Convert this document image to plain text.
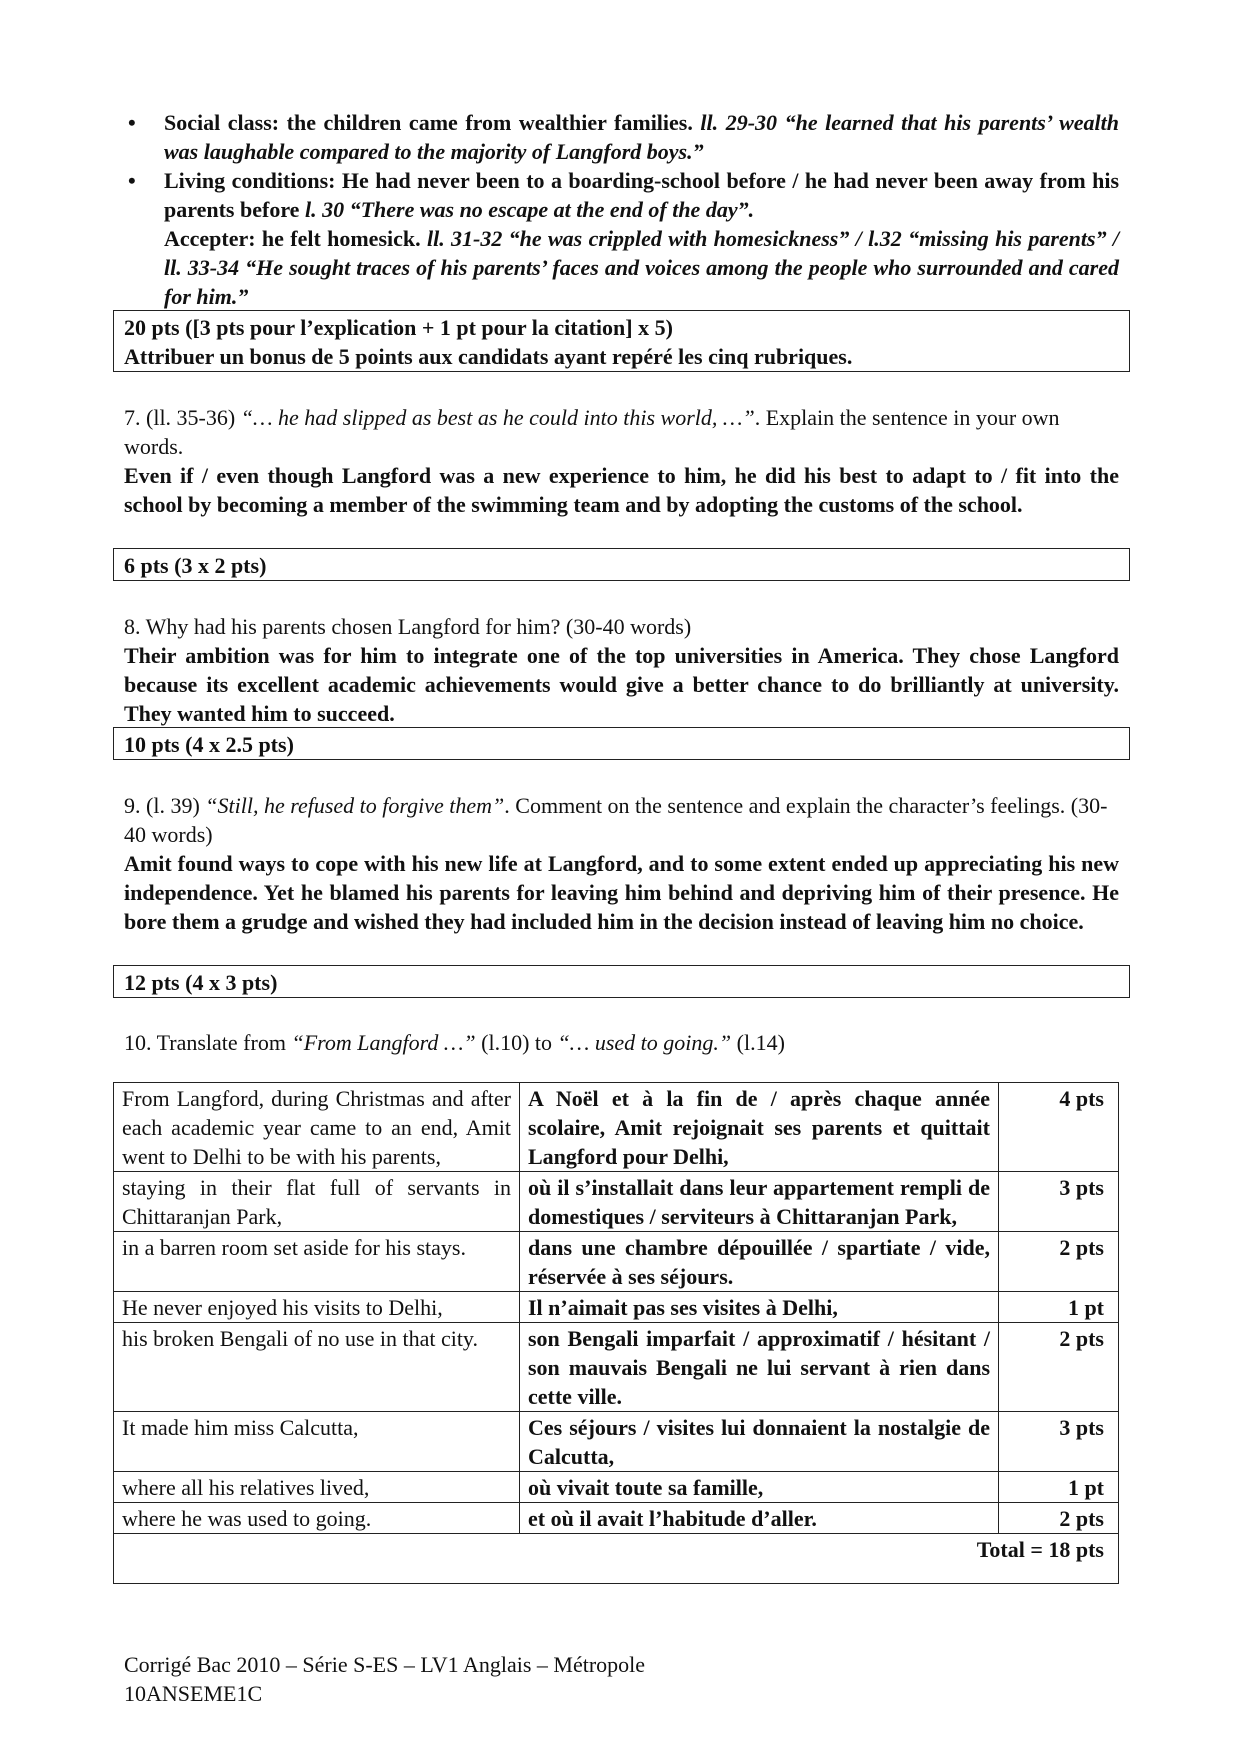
• Social class: the children came from wealthier families. ll. 29-30 “he learned that his parents’ wealth was laughable compared to the majority of Langford boys.”
• Living conditions: He had never been to a boarding-school before / he had never been away from his parents before l. 30 “There was no escape at the end of the day”.
Accepter: he felt homesick. ll. 31-32 “he was crippled with homesickness” / l.32 “missing his parents” / ll. 33-34 “He sought traces of his parents’ faces and voices among the people who surrounded and cared for him.”
20 pts ([3 pts pour l’explication + 1 pt pour la citation] x 5)
Attribuer un bonus de 5 points aux candidats ayant repéré les cinq rubriques.
7. (ll. 35-36) “… he had slipped as best as he could into this world, …”. Explain the sentence in your own words.
Even if / even though Langford was a new experience to him, he did his best to adapt to / fit into the school by becoming a member of the swimming team and by adopting the customs of the school.
6 pts (3 x 2 pts)
8. Why had his parents chosen Langford for him? (30-40 words)
Their ambition was for him to integrate one of the top universities in America. They chose Langford because its excellent academic achievements would give a better chance to do brilliantly at university. They wanted him to succeed.
10 pts (4 x 2.5 pts)
9. (l. 39) “Still, he refused to forgive them”. Comment on the sentence and explain the character’s feelings. (30-40 words)
Amit found ways to cope with his new life at Langford, and to some extent ended up appreciating his new independence. Yet he blamed his parents for leaving him behind and depriving him of their presence. He bore them a grudge and wished they had included him in the decision instead of leaving him no choice.
12 pts (4 x 3 pts)
10. Translate from “From Langford …” (l.10) to “… used to going.” (l.14)
From Langford, during Christmas and after each academic year came to an end, Amit went to Delhi to be with his parents,	A Noël et à la fin de / après chaque année scolaire, Amit rejoignait ses parents et quittait Langford pour Delhi,	4 pts
staying in their flat full of servants in Chittaranjan Park,	où il s’installait dans leur appartement rempli de domestiques / serviteurs à Chittaranjan Park,	3 pts
in a barren room set aside for his stays.	dans une chambre dépouillée / spartiate / vide, réservée à ses séjours.	2 pts
He never enjoyed his visits to Delhi,	Il n’aimait pas ses visites à Delhi,	1 pt
his broken Bengali of no use in that city.	son Bengali imparfait / approximatif / hésitant / son mauvais Bengali ne lui servant à rien dans cette ville.	2 pts
It made him miss Calcutta,	Ces séjours / visites lui donnaient la nostalgie de Calcutta,	3 pts
where all his relatives lived,	où vivait toute sa famille,	1 pt
where he was used to going.	et où il avait l’habitude d’aller.	2 pts
Total = 18 pts		
Corrigé Bac 2010 – Série S-ES – LV1 Anglais – Métropole
10ANSEME1C
